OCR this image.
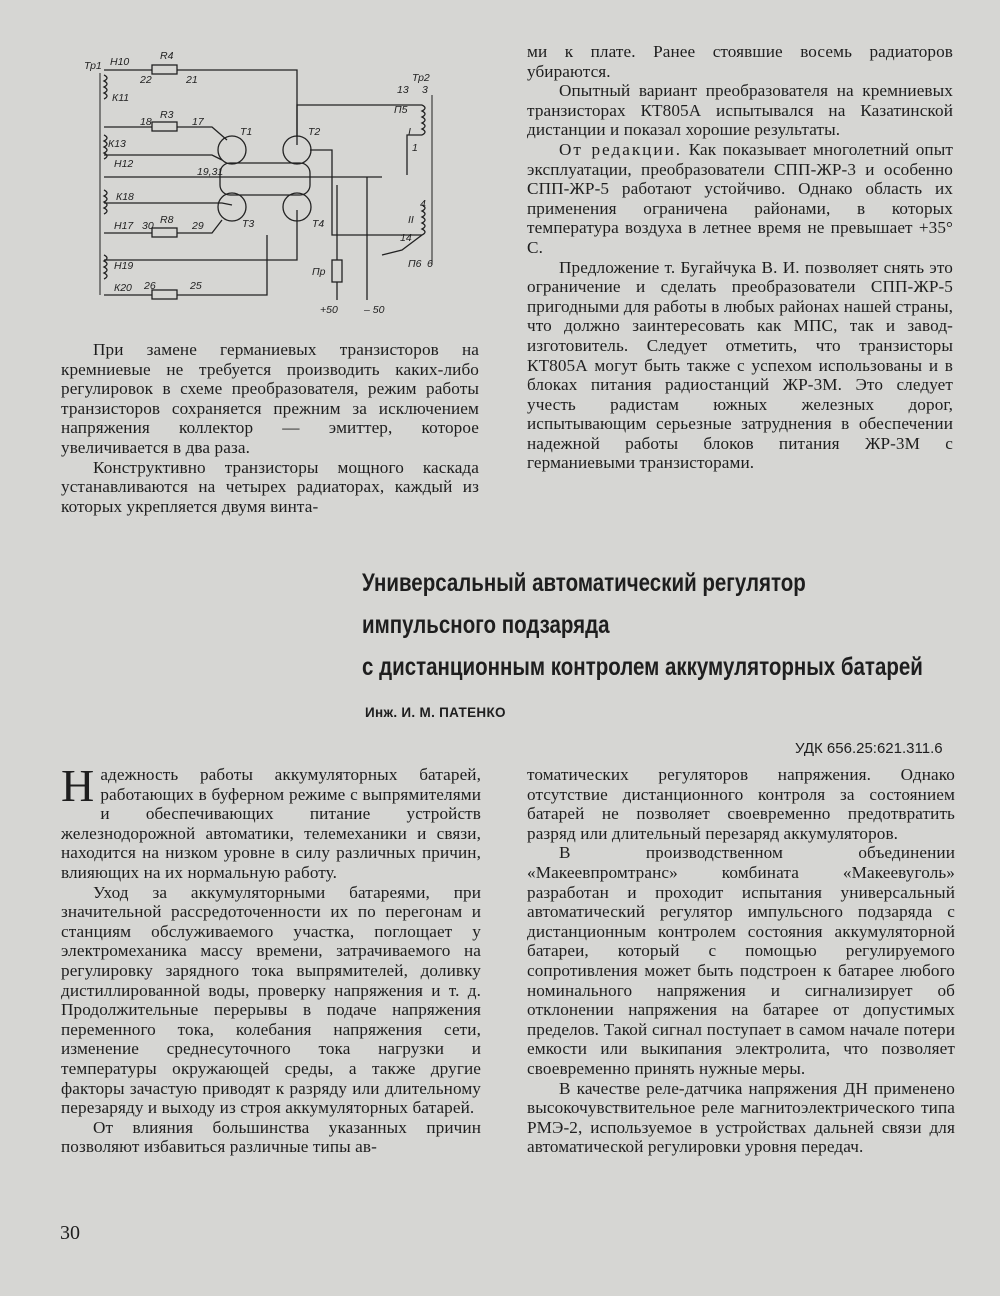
Тр1 Н10
К11
R4
22	21
R3
18	17
К13
Н12
19,31
Т1	Т2
Т3	Т4
К18
Н17 30 R8 29
Н19
К20 26	25
Тр2
13 3
П5
I
1
4
II
14
П6 6
Пр
+50 – 50

При замене германиевых транзисторов на кремниевые не требуется производить каких-либо регулировок в схеме преобразователя, режим работы транзисторов сохраняется прежним за исключением напряжения коллектор — эмиттер, которое увеличивается в два раза.

Конструктивно транзисторы мощного каскада устанавливаются на четырех радиаторах, каждый из которых укрепляется двумя винта-

ми к плате. Ранее стоявшие восемь радиаторов убираются.

Опытный вариант преобразователя на кремниевых транзисторах КТ805А испытывался на Казатинской дистанции и показал хорошие результаты.

От редакции. Как показывает многолетний опыт эксплуатации, преобразователи СПП-ЖР-3 и особенно СПП-ЖР-5 работают устойчиво. Однако область их применения ограничена районами, в которых температура воздуха в летнее время не превышает +35° С.

Предложение т. Бугайчука В. И. позволяет снять это ограничение и сделать преобразователи СПП-ЖР-5 пригодными для работы в любых районах нашей страны, что должно заинтересовать как МПС, так и завод-изготовитель. Следует отметить, что транзисторы КТ805А могут быть также с успехом использованы и в блоках питания радиостанций ЖР-3М. Это следует учесть радистам южных железных дорог, испытывающим серьезные затруднения в обеспечении надежной работы блоков питания ЖР-3М с германиевыми транзисторами.

Универсальный автоматический регулятор
импульсного подзаряда
с дистанционным контролем аккумуляторных батарей
Инж. И. М. ПАТЕНКО
УДК 656.25:621.311.6

Надежность работы аккумуляторных батарей, работающих в буферном режиме с выпрямителями и обеспечивающих питание устройств железнодорожной автоматики, телемеханики и связи, находится на низком уровне в силу различных причин, влияющих на их нормальную работу.

Уход за аккумуляторными батареями, при значительной рассредоточенности их по перегонам и станциям обслуживаемого участка, поглощает у электромеханика массу времени, затрачиваемого на регулировку зарядного тока выпрямителей, доливку дистиллированной воды, проверку напряжения и т. д. Продолжительные перерывы в подаче напряжения переменного тока, колебания напряжения сети, изменение среднесуточного тока нагрузки и температуры окружающей среды, а также другие факторы зачастую приводят к разряду или длительному перезаряду и выходу из строя аккумуляторных батарей.

От влияния большинства указанных причин позволяют избавиться различные типы ав-

томатических регуляторов напряжения. Однако отсутствие дистанционного контроля за состоянием батарей не позволяет своевременно предотвратить разряд или длительный перезаряд аккумуляторов.

В производственном объединении «Макеевпромтранс» комбината «Макеевуголь» разработан и проходит испытания универсальный автоматический регулятор импульсного подзаряда с дистанционным контролем состояния аккумуляторной батареи, который с помощью регулируемого сопротивления может быть подстроен к батарее любого номинального напряжения и сигнализирует об отклонении напряжения на батарее от допустимых пределов. Такой сигнал поступает в самом начале потери емкости или выкипания электролита, что позволяет своевременно принять нужные меры.

В качестве реле-датчика напряжения ДН применено высокочувствительное реле магнитоэлектрического типа РМЭ-2, используемое в устройствах дальней связи для автоматической регулировки уровня передач.

30
